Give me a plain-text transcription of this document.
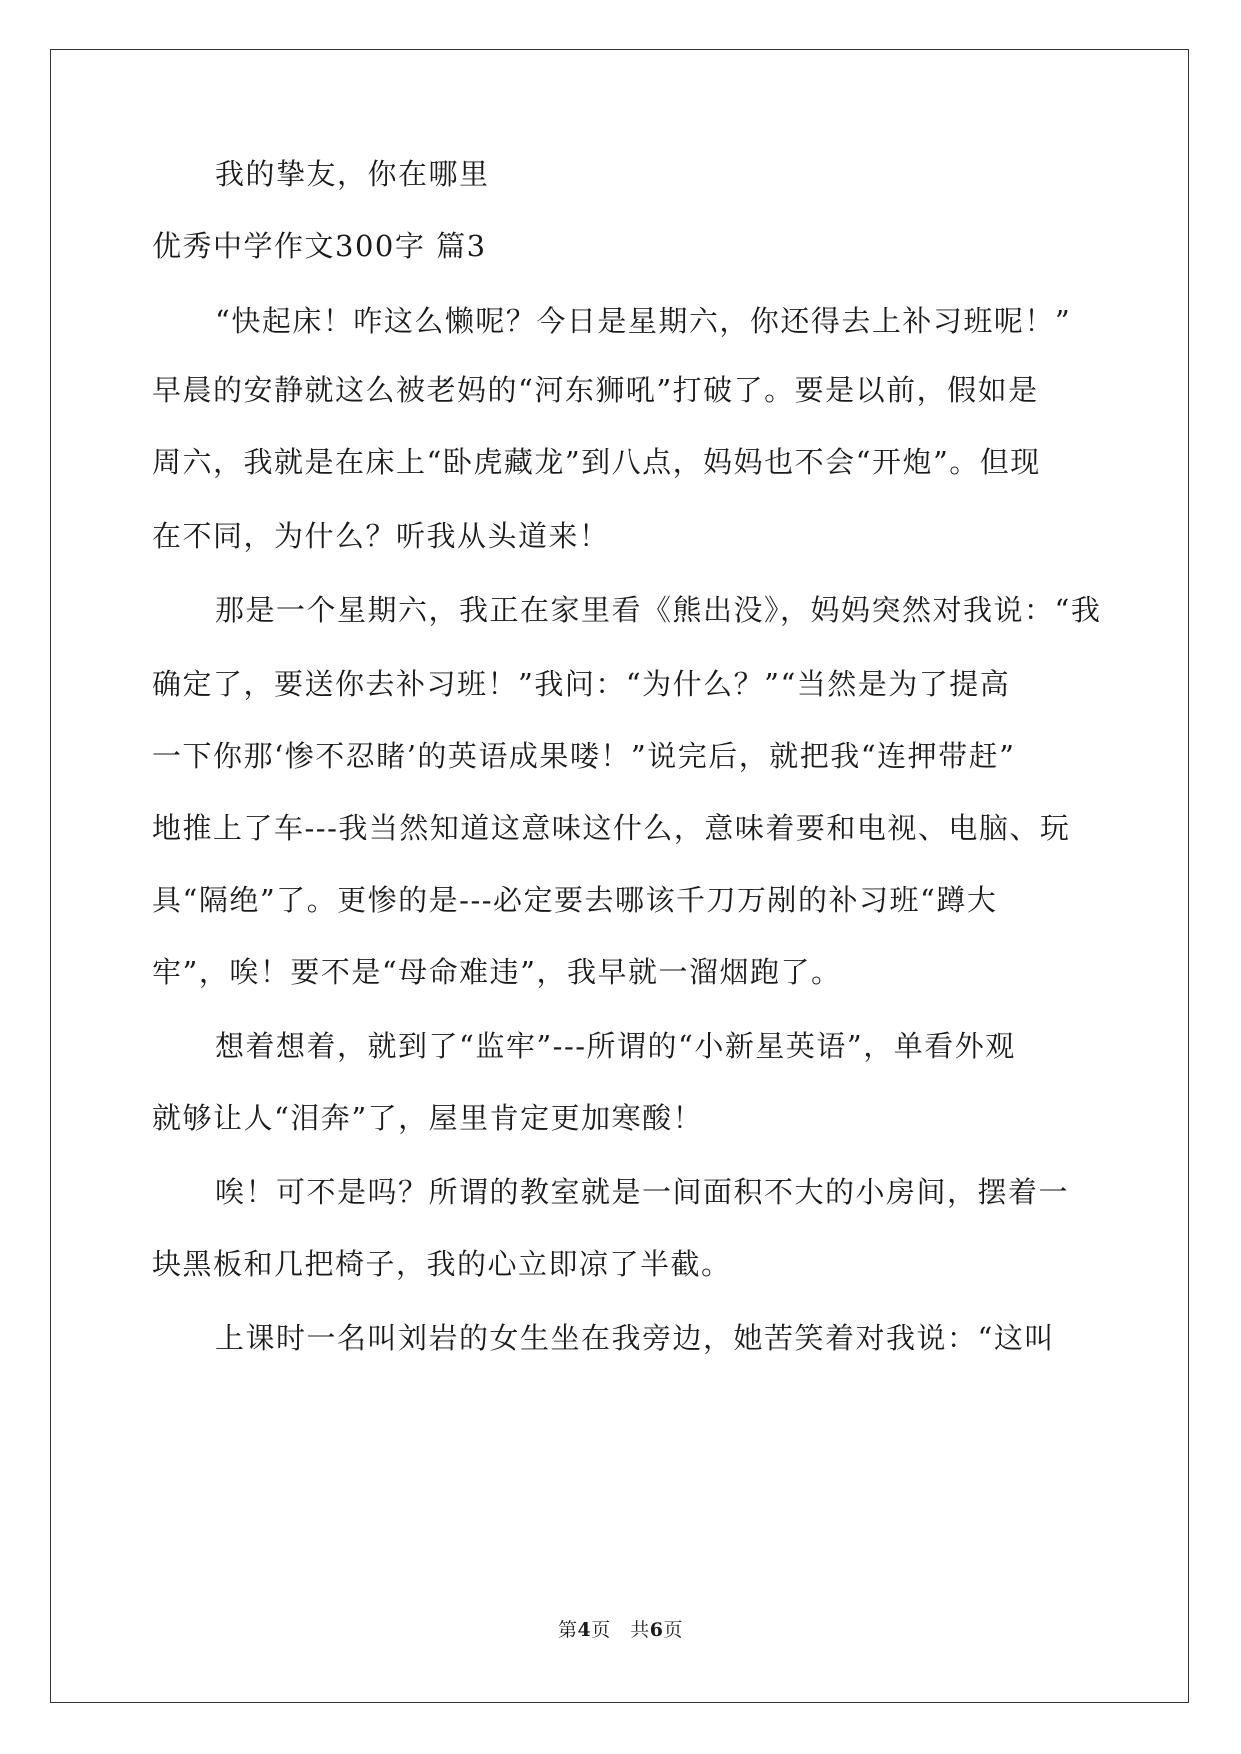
我的挚友，你在哪里
优秀中学作文300字 篇3
“快起床！咋这么懒呢？今日是星期六，你还得去上补习班呢！”
早晨的安静就这么被老妈的“河东狮吼”打破了。要是以前，假如是
周六，我就是在床上“卧虎藏龙”到八点，妈妈也不会“开炮”。但现
在不同，为什么？听我从头道来！
那是一个星期六，我正在家里看《熊出没》，妈妈突然对我说：“我
确定了，要送你去补习班！”我问：“为什么？”“当然是为了提高
一下你那‘惨不忍睹’的英语成果喽！”说完后，就把我“连押带赶”
地推上了车---我当然知道这意味这什么，意味着要和电视、电脑、玩
具“隔绝”了。更惨的是---必定要去哪该千刀万剐的补习班“蹲大
牢”，唉！要不是“母命难违”，我早就一溜烟跑了。
想着想着，就到了“监牢”---所谓的“小新星英语”，单看外观
就够让人“泪奔”了，屋里肯定更加寒酸！
唉！可不是吗？所谓的教室就是一间面积不大的小房间，摆着一
块黑板和几把椅子，我的心立即凉了半截。
上课时一名叫刘岩的女生坐在我旁边，她苦笑着对我说：“这叫
第4页　共6页
